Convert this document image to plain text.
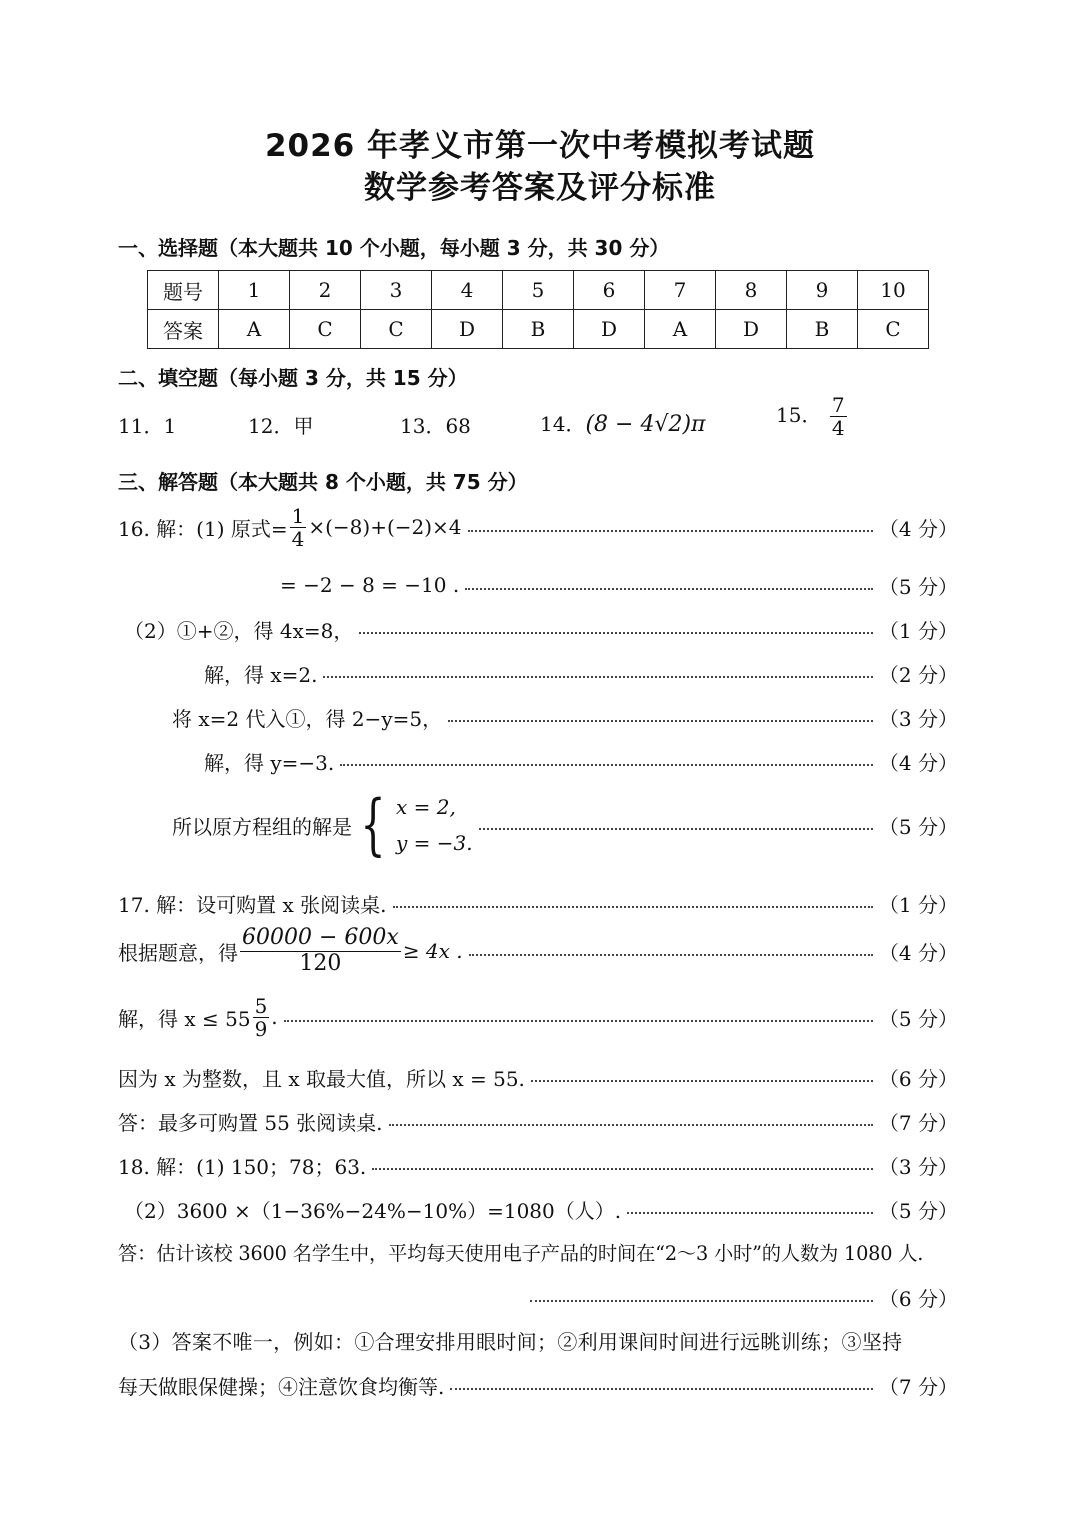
2026 年孝义市第一次中考模拟考试题
数学参考答案及评分标准
一、选择题（本大题共 10 个小题，每小题 3 分，共 30 分）
题号	1	2	3	4	5	6	7	8	9	10
答案	A	C	C	D	B	D	A	D	B	C
二、填空题（每小题 3 分，共 15 分）
11．1	12．甲	13．68	14．(8 − 4√2)π	15． $\frac{7}{4}$
三、解答题（本大题共 8 个小题，共 75 分）
16. 解：(1) 原式= $\frac{1}{4} \times(-8)+(-2)\times 4$	（4 分）
= −2 − 8 = −10 .	（5 分）
（2）①+②，得 4x=8，	（1 分）
解，得 x=2.	（2 分）
将 x=2 代入①，得 2−y=5，	（3 分）
解，得 y=−3.	（4 分）
所以原方程组的解是 { x = 2,
y = −3.
（5 分）
17. 解：设可购置 x 张阅读桌.	（1 分）
根据题意，得 $\frac{60000 - 600x}{120} \ge 4x$ .	（4 分）
解，得 $x \le 55 \frac{5}{9}$ .	（5 分）
因为 x 为整数，且 x 取最大值，所以 x = 55.	（6 分）
答：最多可购置 55 张阅读桌.	（7 分）
18. 解：(1) 150；78；63.	（3 分）
（2）3600 ×（1−36%−24%−10%）=1080（人）.	（5 分）
答：估计该校 3600 名学生中，平均每天使用电子产品的时间在“2～3 小时”的人数为 1080 人.
（6 分）
（3）答案不唯一，例如：①合理安排用眼时间；②利用课间时间进行远眺训练；③坚持
每天做眼保健操；④注意饮食均衡等.	（7 分）
